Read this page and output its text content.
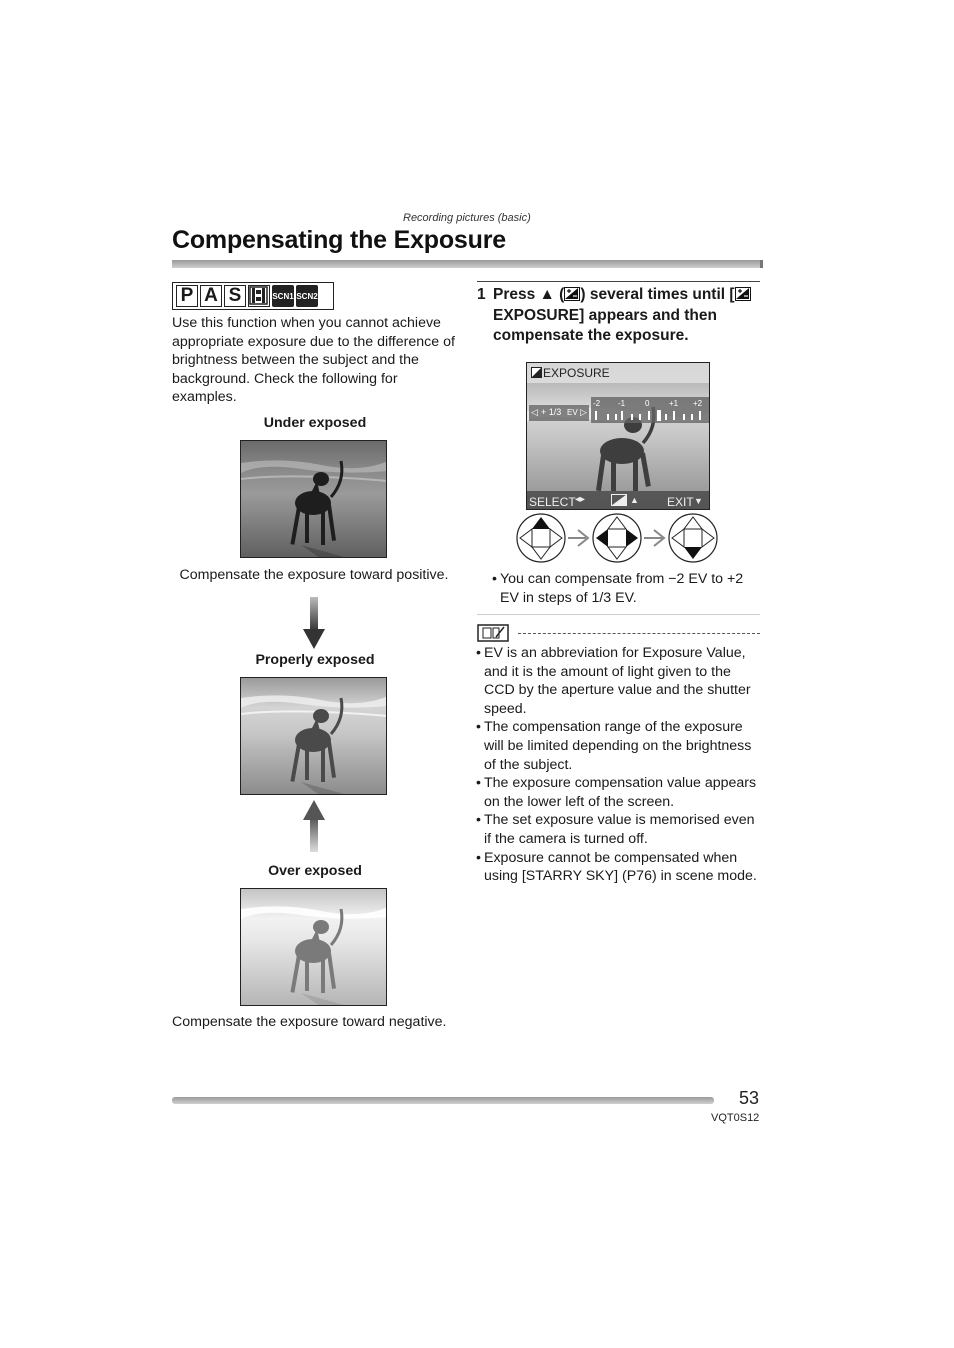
Recording pictures (basic)
Compensating the Exposure
P A S	SCN1 SCN2
Use this function when you cannot achieve appropriate exposure due to the difference of brightness between the subject and the background. Check the following for examples.
Under exposed
Compensate the exposure toward positive.
Properly exposed
Over exposed
Compensate the exposure toward negative.
1 Press ▲ ( ) several times until [
EXPOSURE] appears and then compensate the exposure.
EXPOSURE
◁ + 1/3 EV ▷
-2 -1 0 +1 +2
SELECT ◂▸	▲ EXIT ▼
• You can compensate from −2 EV to +2 EV in steps of 1/3 EV.
• EV is an abbreviation for Exposure Value, and it is the amount of light given to the CCD by the aperture value and the shutter speed.
• The compensation range of the exposure will be limited depending on the brightness of the subject.
• The exposure compensation value appears on the lower left of the screen.
• The set exposure value is memorised even if the camera is turned off.
• Exposure cannot be compensated when using [STARRY SKY] (P76) in scene mode.
53
VQT0S12
